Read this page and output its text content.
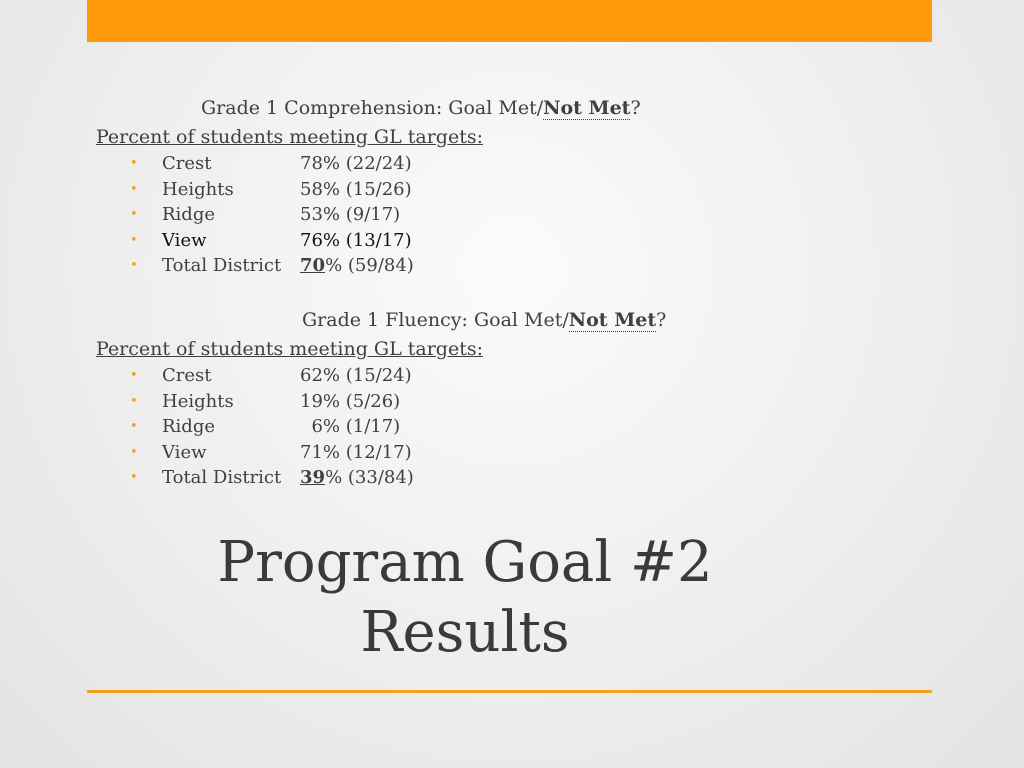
Grade 1 Comprehension: Goal Met/Not Met?
Percent of students meeting GL targets:
• Crest	78% (22/24)
• Heights	58% (15/26)
• Ridge	53% (9/17)
• View	76% (13/17)
• Total District 70% (59/84)
Grade 1 Fluency: Goal Met/Not Met?
Percent of students meeting GL targets:
• Crest	62% (15/24)
• Heights	19% (5/26)
• Ridge	6% (1/17)
• View	71% (12/17)
• Total District 39% (33/84)
Program Goal #2
Results
